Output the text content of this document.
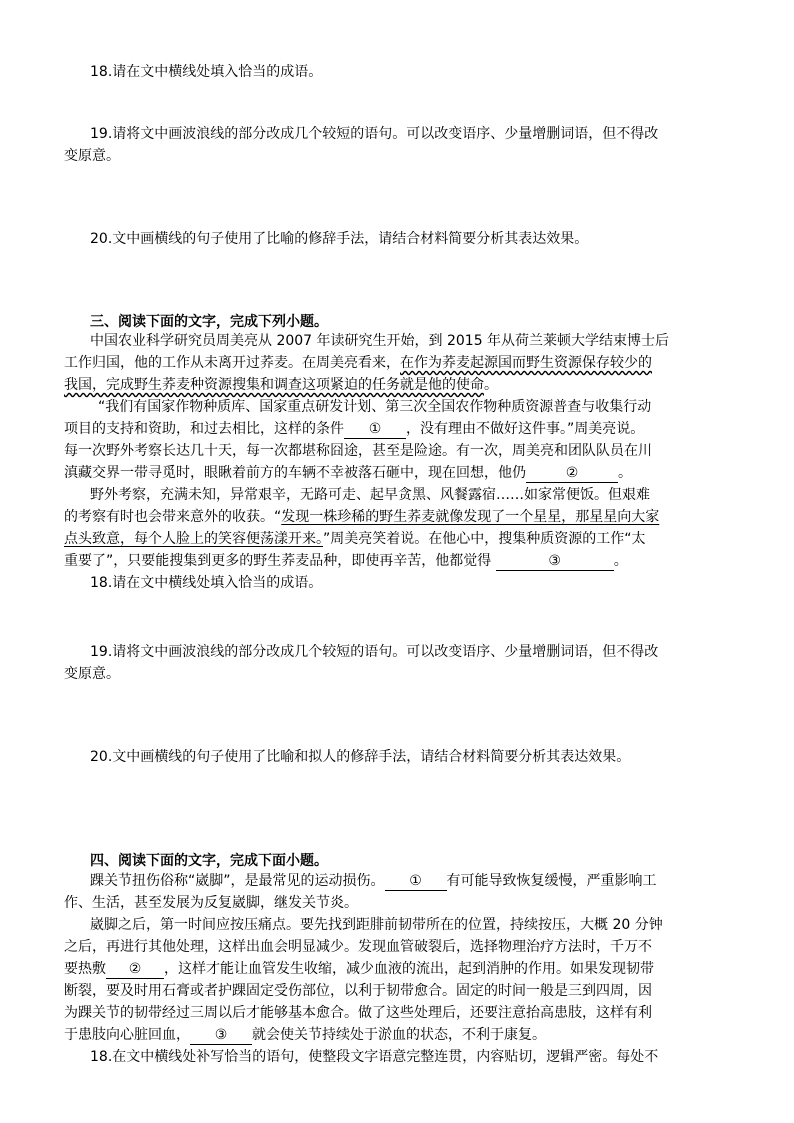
18.请在文中横线处填入恰当的成语。
19.请将文中画波浪线的部分改成几个较短的语句。可以改变语序、少量增删词语，但不得改
变原意。
20.文中画横线的句子使用了比喻的修辞手法，请结合材料简要分析其表达效果。
三、阅读下面的文字，完成下列小题。
中国农业科学研究员周美亮从 2007 年读研究生开始，到 2015 年从荷兰莱顿大学结束博士后
工作归国，他的工作从未离开过荞麦。在周美亮看来，在作为荞麦起源国而野生资源保存较少的
我国，完成野生荞麦种资源搜集和调查这项紧迫的任务就是他的使命。
“我们有国家作物种质库、国家重点研发计划、第三次全国农作物种质资源普查与收集行动
项目的支持和资助，和过去相比，这样的条件 ① ，没有理由不做好这件事。”周美亮说。
每一次野外考察长达几十天，每一次都堪称囧途，甚至是险途。有一次，周美亮和团队队员在川
滇藏交界一带寻觅时，眼瞅着前方的车辆不幸被落石砸中，现在回想，他仍	②	。
野外考察，充满未知，异常艰辛，无路可走、起早贪黑、风餐露宿……如家常便饭。但艰难
的考察有时也会带来意外的收获。“发现一株珍稀的野生荞麦就像发现了一个星星，那星星向大家
点头致意，每个人脸上的笑容便荡漾开来。”周美亮笑着说。在他心中，搜集种质资源的工作“太
重要了”，只要能搜集到更多的野生荞麦品种，即使再辛苦，他都觉得	③	。
18.请在文中横线处填入恰当的成语。
19.请将文中画波浪线的部分改成几个较短的语句。可以改变语序、少量增删词语，但不得改
变原意。
20.文中画横线的句子使用了比喻和拟人的修辞手法，请结合材料简要分析其表达效果。
四、阅读下面的文字，完成下面小题。
踝关节扭伤俗称“崴脚”，是最常见的运动损伤。 ① 有可能导致恢复缓慢，严重影响工
作、生活，甚至发展为反复崴脚，继发关节炎。
崴脚之后，第一时间应按压痛点。要先找到距腓前韧带所在的位置，持续按压，大概 20 分钟
之后，再进行其他处理，这样出血会明显减少。发现血管破裂后，选择物理治疗方法时，千万不
要热敷 ② ，这样才能让血管发生收缩，减少血液的流出，起到消肿的作用。如果发现韧带
断裂，要及时用石膏或者护踝固定受伤部位，以利于韧带愈合。固定的时间一般是三到四周，因
为踝关节的韧带经过三周以后才能够基本愈合。做了这些处理后，还要注意抬高患肢，这样有利
于患肢向心脏回血， ③ 就会使关节持续处于淤血的状态，不利于康复。
18.在文中横线处补写恰当的语句，使整段文字语意完整连贯，内容贴切，逻辑严密。每处不
